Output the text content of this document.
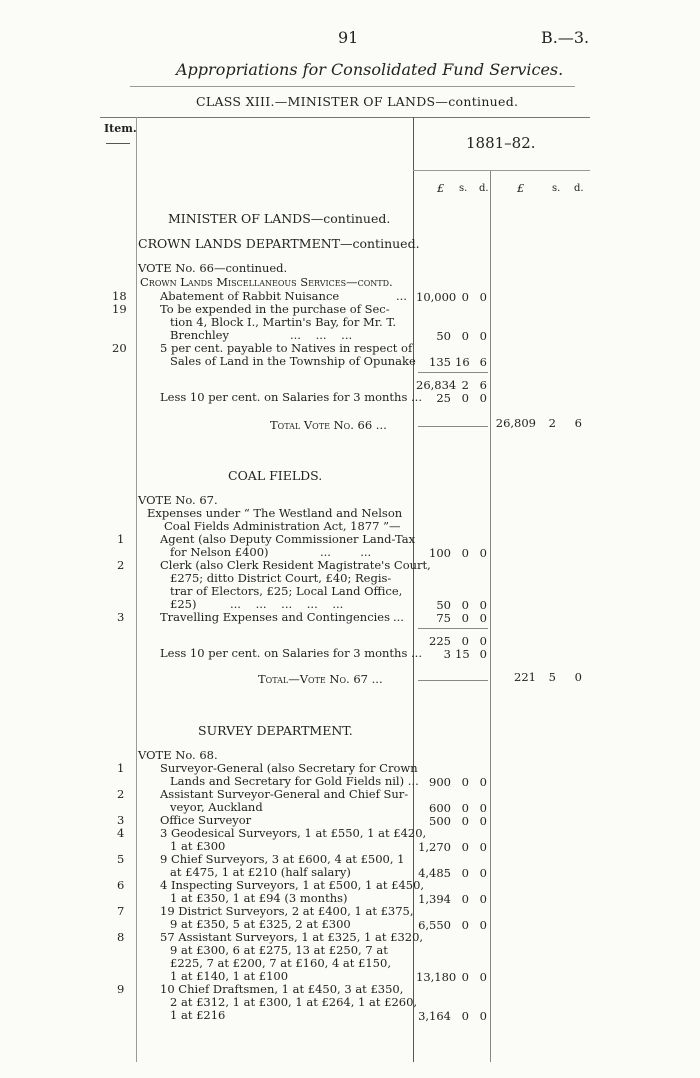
91	B.—3.
Appropriations for Consolidated Fund Services.
CLASS XIII.—MINISTER OF LANDS—continued.
Item.
1881–82.
£ s. d. £	s. d.
MINISTER OF LANDS—continued.
CROWN LANDS DEPARTMENT—continued.
VOTE No. 66—continued.
Crown Lands Miscellaneous Services—contd.
18	Abatement of Rabbit Nuisance	... 10,000 0 0
19	To be expended in the purchase of Sec-
tion 4, Block I., Martin's Bay, for Mr. T.
Brenchley	...    ...    ...	50 0 0
20	5 per cent. payable to Natives in respect of
Sales of Land in the Township of Opunake	135 16 6
26,834 2 6
Less 10 per cent. on Salaries for 3 months ...	25 0 0
Total Vote No. 66 ...	26,809	2	6
COAL FIELDS.
VOTE No. 67.
Expenses under “ The Westland and Nelson
Coal Fields Administration Act, 1877 ”—
1	Agent (also Deputy Commissioner Land-Tax
for Nelson £400)	...        ...	100 0 0
2	Clerk (also Clerk Resident Magistrate's Court,
£275; ditto District Court, £40; Regis-
trar of Electors, £25; Local Land Office,
£25)	...    ...    ...    ...    ...	50 0 0
3	Travelling Expenses and Contingencies ...	75 0 0
225 0 0
Less 10 per cent. on Salaries for 3 months ...	3 15 0
Total—Vote No. 67 ...	221	5	0
SURVEY DEPARTMENT.
VOTE No. 68.
1	Surveyor-General (also Secretary for Crown
Lands and Secretary for Gold Fields nil) ... 900 0 0
2	Assistant Surveyor-General and Chief Sur-
veyor, Auckland	600 0 0
3	Office Surveyor	500 0 0
4	3 Geodesical Surveyors, 1 at £550, 1 at £420,
1 at £300	1,270 0 0
5	9 Chief Surveyors, 3 at £600, 4 at £500, 1
at £475, 1 at £210 (half salary)	4,485 0 0
6	4 Inspecting Surveyors, 1 at £500, 1 at £450,
1 at £350, 1 at £94 (3 months)	1,394 0 0
7	19 District Surveyors, 2 at £400, 1 at £375,
9 at £350, 5 at £325, 2 at £300	6,550 0 0
8	57 Assistant Surveyors, 1 at £325, 1 at £320,
9 at £300, 6 at £275, 13 at £250, 7 at
£225, 7 at £200, 7 at £160, 4 at £150,
1 at £140, 1 at £100	13,180 0 0
9	10 Chief Draftsmen, 1 at £450, 3 at £350,
2 at £312, 1 at £300, 1 at £264, 1 at £260,
1 at £216	3,164 0 0
